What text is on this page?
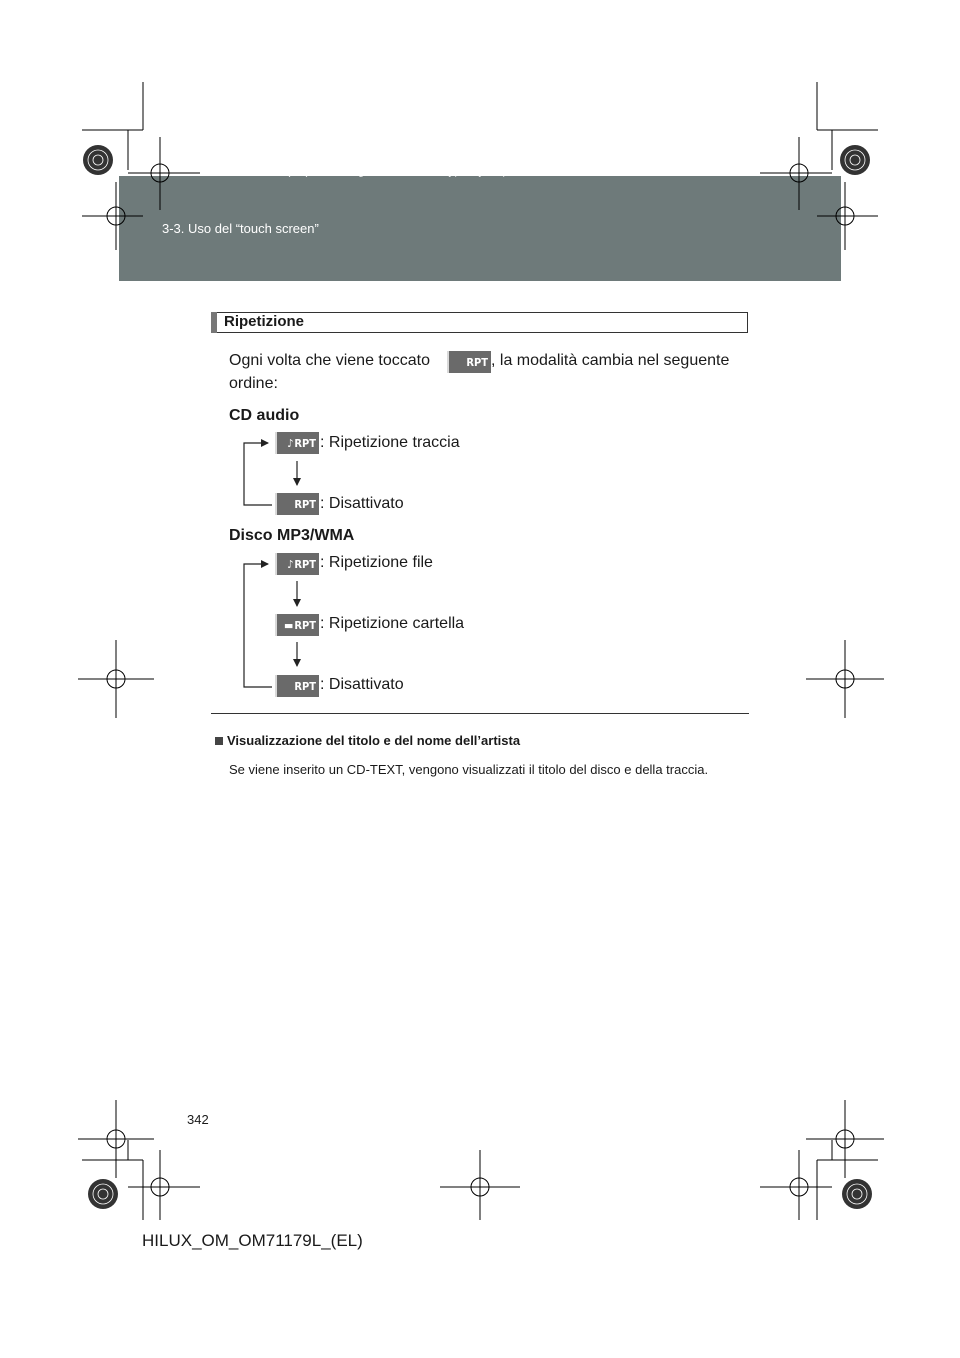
HILUX_OM_OM71179L_(EL).book Page 342 Wednesday, May 16, 2012 11:37 AM
3-3. Uso del “touch screen”
Ripetizione
Ogni volta che viene toccato	RPT , la modalità cambia nel seguente
ordine:
CD audio
♪ RPT : Ripetizione traccia
RPT : Disattivato
Disco MP3/WMA
♪ RPT : Ripetizione file
▬ RPT : Ripetizione cartella
RPT : Disattivato
Visualizzazione del titolo e del nome dell’artista
Se viene inserito un CD-TEXT, vengono visualizzati il titolo del disco e della traccia.
342
HILUX_OM_OM71179L_(EL)
